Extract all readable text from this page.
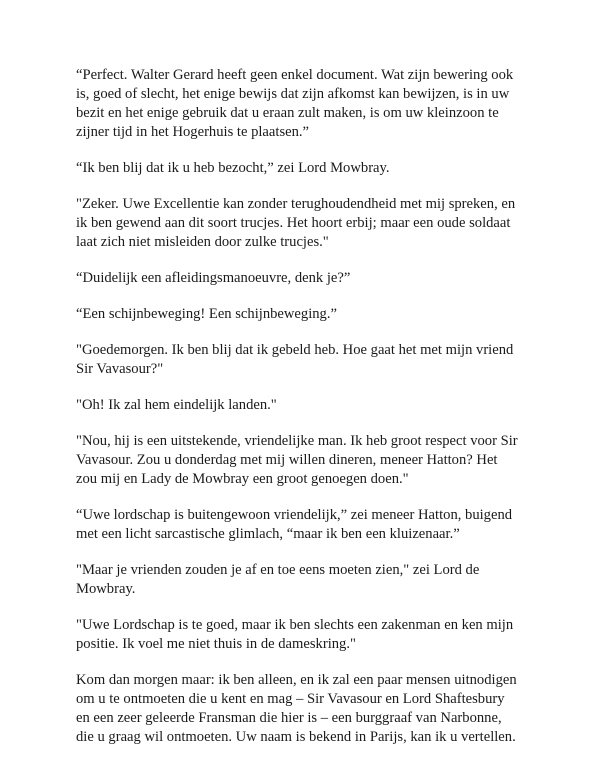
“Perfect. Walter Gerard heeft geen enkel document. Wat zijn bewering ook
is, goed of slecht, het enige bewijs dat zijn afkomst kan bewijzen, is in uw
bezit en het enige gebruik dat u eraan zult maken, is om uw kleinzoon te
zijner tijd in het Hogerhuis te plaatsen.”

“Ik ben blij dat ik u heb bezocht,” zei Lord Mowbray.

"Zeker. Uwe Excellentie kan zonder terughoudendheid met mij spreken, en
ik ben gewend aan dit soort trucjes. Het hoort erbij; maar een oude soldaat
laat zich niet misleiden door zulke trucjes."

“Duidelijk een afleidingsmanoeuvre, denk je?”

“Een schijnbeweging! Een schijnbeweging.”

"Goedemorgen. Ik ben blij dat ik gebeld heb. Hoe gaat het met mijn vriend
Sir Vavasour?"

"Oh! Ik zal hem eindelijk landen."

"Nou, hij is een uitstekende, vriendelijke man. Ik heb groot respect voor Sir
Vavasour. Zou u donderdag met mij willen dineren, meneer Hatton? Het
zou mij en Lady de Mowbray een groot genoegen doen."

“Uwe lordschap is buitengewoon vriendelijk,” zei meneer Hatton, buigend
met een licht sarcastische glimlach, “maar ik ben een kluizenaar.”

"Maar je vrienden zouden je af en toe eens moeten zien," zei Lord de
Mowbray.

"Uwe Lordschap is te goed, maar ik ben slechts een zakenman en ken mijn
positie. Ik voel me niet thuis in de dameskring."

Kom dan morgen maar: ik ben alleen, en ik zal een paar mensen uitnodigen
om u te ontmoeten die u kent en mag – Sir Vavasour en Lord Shaftesbury
en een zeer geleerde Fransman die hier is – een burggraaf van Narbonne,
die u graag wil ontmoeten. Uw naam is bekend in Parijs, kan ik u vertellen.
